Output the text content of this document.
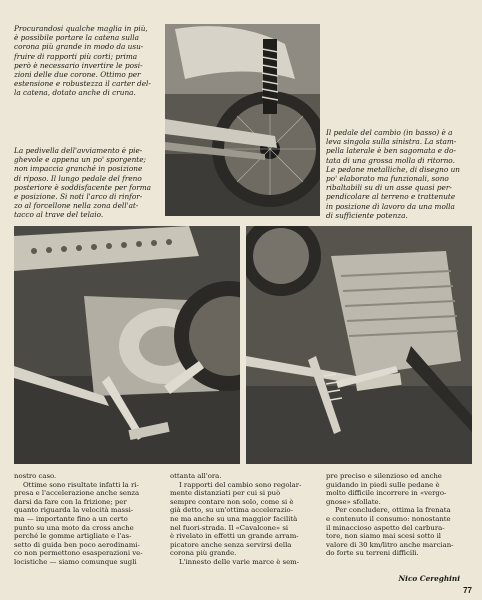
Procurandosi qualche maglia in più,
è possibile portare la catena sulla
corona più grande in modo da usu-
fruire di rapporti più corti; prima
però è necessario invertire le posi-
zioni delle due corone. Ottimo per
estensione e robustezza il carter del-
la catena, dotato anche di cruna.

La pedivella dell'avviamento è pie-
ghevole e appena un po' sporgente;
non impaccia granché in posizione
di riposo. Il lungo pedale del freno
posteriore è soddisfacente per forma
e posizione. Si noti l'arco di rinfor-
zo al forcellone nella zona dell'at-
tacco al trave del telaio.

Il pedale del cambio (in basso) è a
leva singola sulla sinistra. La stam-
pella laterale è ben sagomata e do-
tata di una grossa molla di ritorno.
Le pedane metalliche, di disegno un
po' elaborato ma funzionali, sono
ribaltabili su di un asse quasi per-
pendicolare al terreno e trattenute
in posizione di lavoro da una molla
di sufficiente potenza.

nostro caso.
Ottime sono risultate infatti la ri-
presa e l'accelerazione anche senza
darsi da fare con la frizione; per
quanto riguarda la velocità massi-
ma — importante fino a un certo
punto su una moto da cross anche
perché le gomme artigliate e l'as-
setto di guida ben poco aerodinami-
co non permettono esasperazioni ve-
locistiche — siamo comunque sugli

ottanta all'ora.
I rapporti del cambio sono regolar-
mente distanziati per cui si può
sempre contare non solo, come si è
già detto, su un'ottima accelerazio-
ne ma anche su una maggior facilità
nel fuori-strada. Il «Cavalcone» si
è rivelato in effetti un grande arram-
picatore anche senza servirsi della
corona più grande.
L'innesto delle varie marce è sem-

pre preciso e silenzioso ed anche
guidando in piedi sulle pedane è
molto difficile incorrere in «vergo-
gnose» sfollate.
Per concludere, ottima la frenata
e contenuto il consumo: nonostante
il minaccioso aspetto del carbura-
tore, non siamo mai scesi sotto il
valore di 30 km/litro anche marcian-
do forte su terreni difficili.

Nico Cereghini

77
